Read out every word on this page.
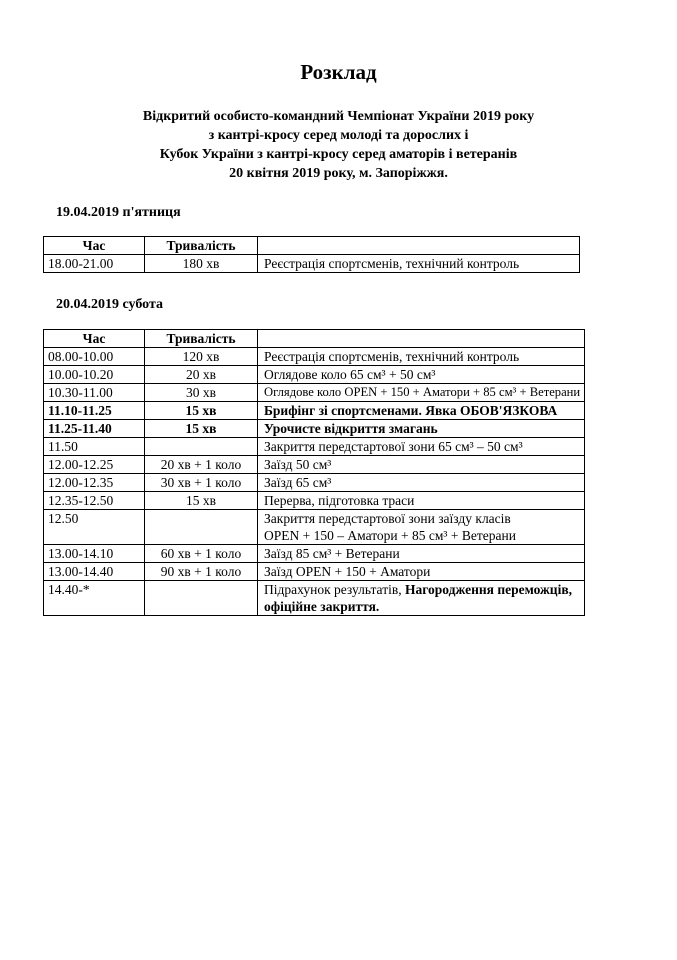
Розклад
Відкритий особисто-командний Чемпіонат України 2019 року
з кантрі-кросу серед молоді та дорослих і
Кубок України з кантрі-кросу серед аматорів і ветеранів
20 квітня 2019 року, м. Запоріжжя.
19.04.2019 п'ятниця
Час	Тривалість	
18.00-21.00	180 хв	Реєстрація спортсменів, технічний контроль
20.04.2019 субота
Час	Тривалість	
08.00-10.00	120 хв	Реєстрація спортсменів, технічний контроль
10.00-10.20	20 хв	Оглядове коло 65 см³ + 50 см³
10.30-11.00	30 хв	Оглядове коло OPEN + 150 + Аматори + 85 см³ + Ветерани
11.10-11.25	15 хв	Брифінг зі спортсменами. Явка ОБОВ'ЯЗКОВА
11.25-11.40	15 хв	Урочисте відкриття змагань
11.50		Закриття передстартової зони 65 см³ – 50 см³
12.00-12.25	20 хв + 1 коло	Заїзд 50 см³
12.00-12.35	30 хв + 1 коло	Заїзд 65 см³
12.35-12.50	15 хв	Перерва, підготовка траси
12.50		Закриття передстартової зони заїзду класів
OPEN + 150 – Аматори + 85 см³ + Ветерани

13.00-14.10	60 хв + 1 коло	Заїзд 85 см³ + Ветерани
13.00-14.40	90 хв + 1 коло	Заїзд OPEN + 150 + Аматори
14.40-*		Підрахунок результатів, Нагородження переможців,
офіційне закриття.
